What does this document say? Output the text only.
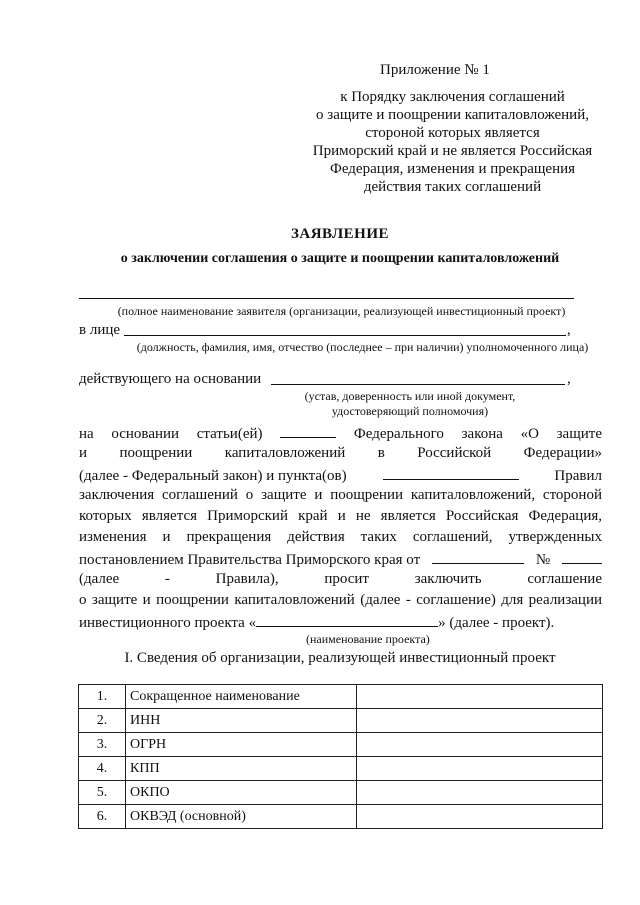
Приложение № 1
к Порядку заключения соглашений
о защите и поощрении капиталовложений,
стороной которых является
Приморский край и не является Российская
Федерация, изменения и прекращения
действия таких соглашений
ЗАЯВЛЕНИЕ
о заключении соглашения о защите и поощрении капиталовложений
(полное наименование заявителя (организации, реализующей инвестиционный проект)
в лице	,
(должность, фамилия, имя, отчество (последнее – при наличии) уполномоченного лица)
действующего на основании	,
(устав, доверенность или иной документ,
удостоверяющий полномочия)
на основании статьи(ей)	Федерального закона «О защите
и поощрении капиталовложений в Российской Федерации»
(далее - Федеральный закон) и пункта(ов)	Правил
заключения соглашений о защите и поощрении капиталовложений, стороной
которых является Приморский край и не является Российская Федерация,
изменения и прекращения действия таких соглашений, утвержденных
постановлением Правительства Приморского края от	№
(далее	-	Правила),	просит	заключить	соглашение
о защите и поощрении капиталовложений (далее - соглашение) для реализации
инвестиционного проекта «	» (далее - проект).
(наименование проекта)
I. Сведения об организации, реализующей инвестиционный проект
1.	Сокращенное наименование	
2.	ИНН	
3.	ОГРН	
4.	КПП	
5.	ОКПО	
6.	ОКВЭД (основной)	
